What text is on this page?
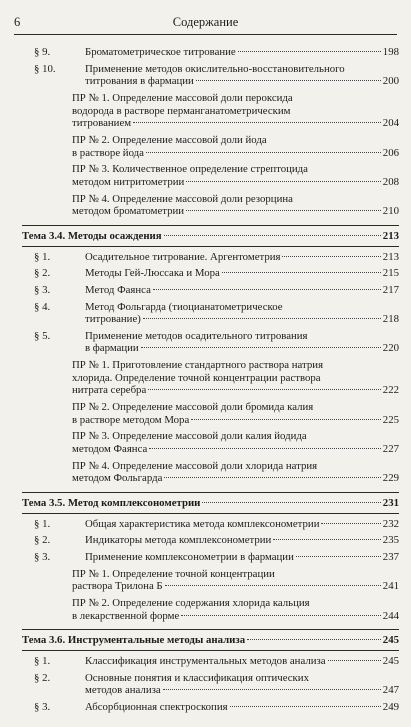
6	Содержание
§ 9.	Броматометрическое титрование	198
§ 10.	Применение методов окислительно-восстановительного
титрования в фармации	200
ПР № 1. Определение массовой доли пероксида
водорода в растворе перманганатометрическим
титрованием	204
ПР № 2. Определение массовой доли йода
в растворе йода	206
ПР № 3. Количественное определение стрептоцида
методом нитритометрии	208
ПР № 4. Определение массовой доли резорцина
методом броматометрии	210
Тема 3.4. Методы осаждения	213
§ 1.	Осадительное титрование. Аргентометрия	213
§ 2.	Методы Гей-Люссака и Мора	215
§ 3.	Метод Фаянса	217
§ 4.	Метод Фольгарда (тиоцианатометрическое
титрование)	218
§ 5.	Применение методов осадительного титрования
в фармации	220
ПР № 1. Приготовление стандартного раствора натрия
хлорида. Определение точной концентрации раствора
нитрата серебра	222
ПР № 2. Определение массовой доли бромида калия
в растворе методом Мора	225
ПР № 3. Определение массовой доли калия йодида
методом Фаянса	227
ПР № 4. Определение массовой доли хлорида натрия
методом Фольгарда	229
Тема 3.5. Метод комплексонометрии	231
§ 1.	Общая характеристика метода комплексонометрии	232
§ 2.	Индикаторы метода комплексонометрии	235
§ 3.	Применение комплексонометрии в фармации	237
ПР № 1. Определение точной концентрации
раствора Трилона Б	241
ПР № 2. Определение содержания хлорида кальция
в лекарственной форме	244
Тема 3.6. Инструментальные методы анализа	245
§ 1.	Классификация инструментальных методов анализа	245
§ 2.	Основные понятия и классификация оптических
методов анализа	247
§ 3.	Абсорбционная спектроскопия	249
